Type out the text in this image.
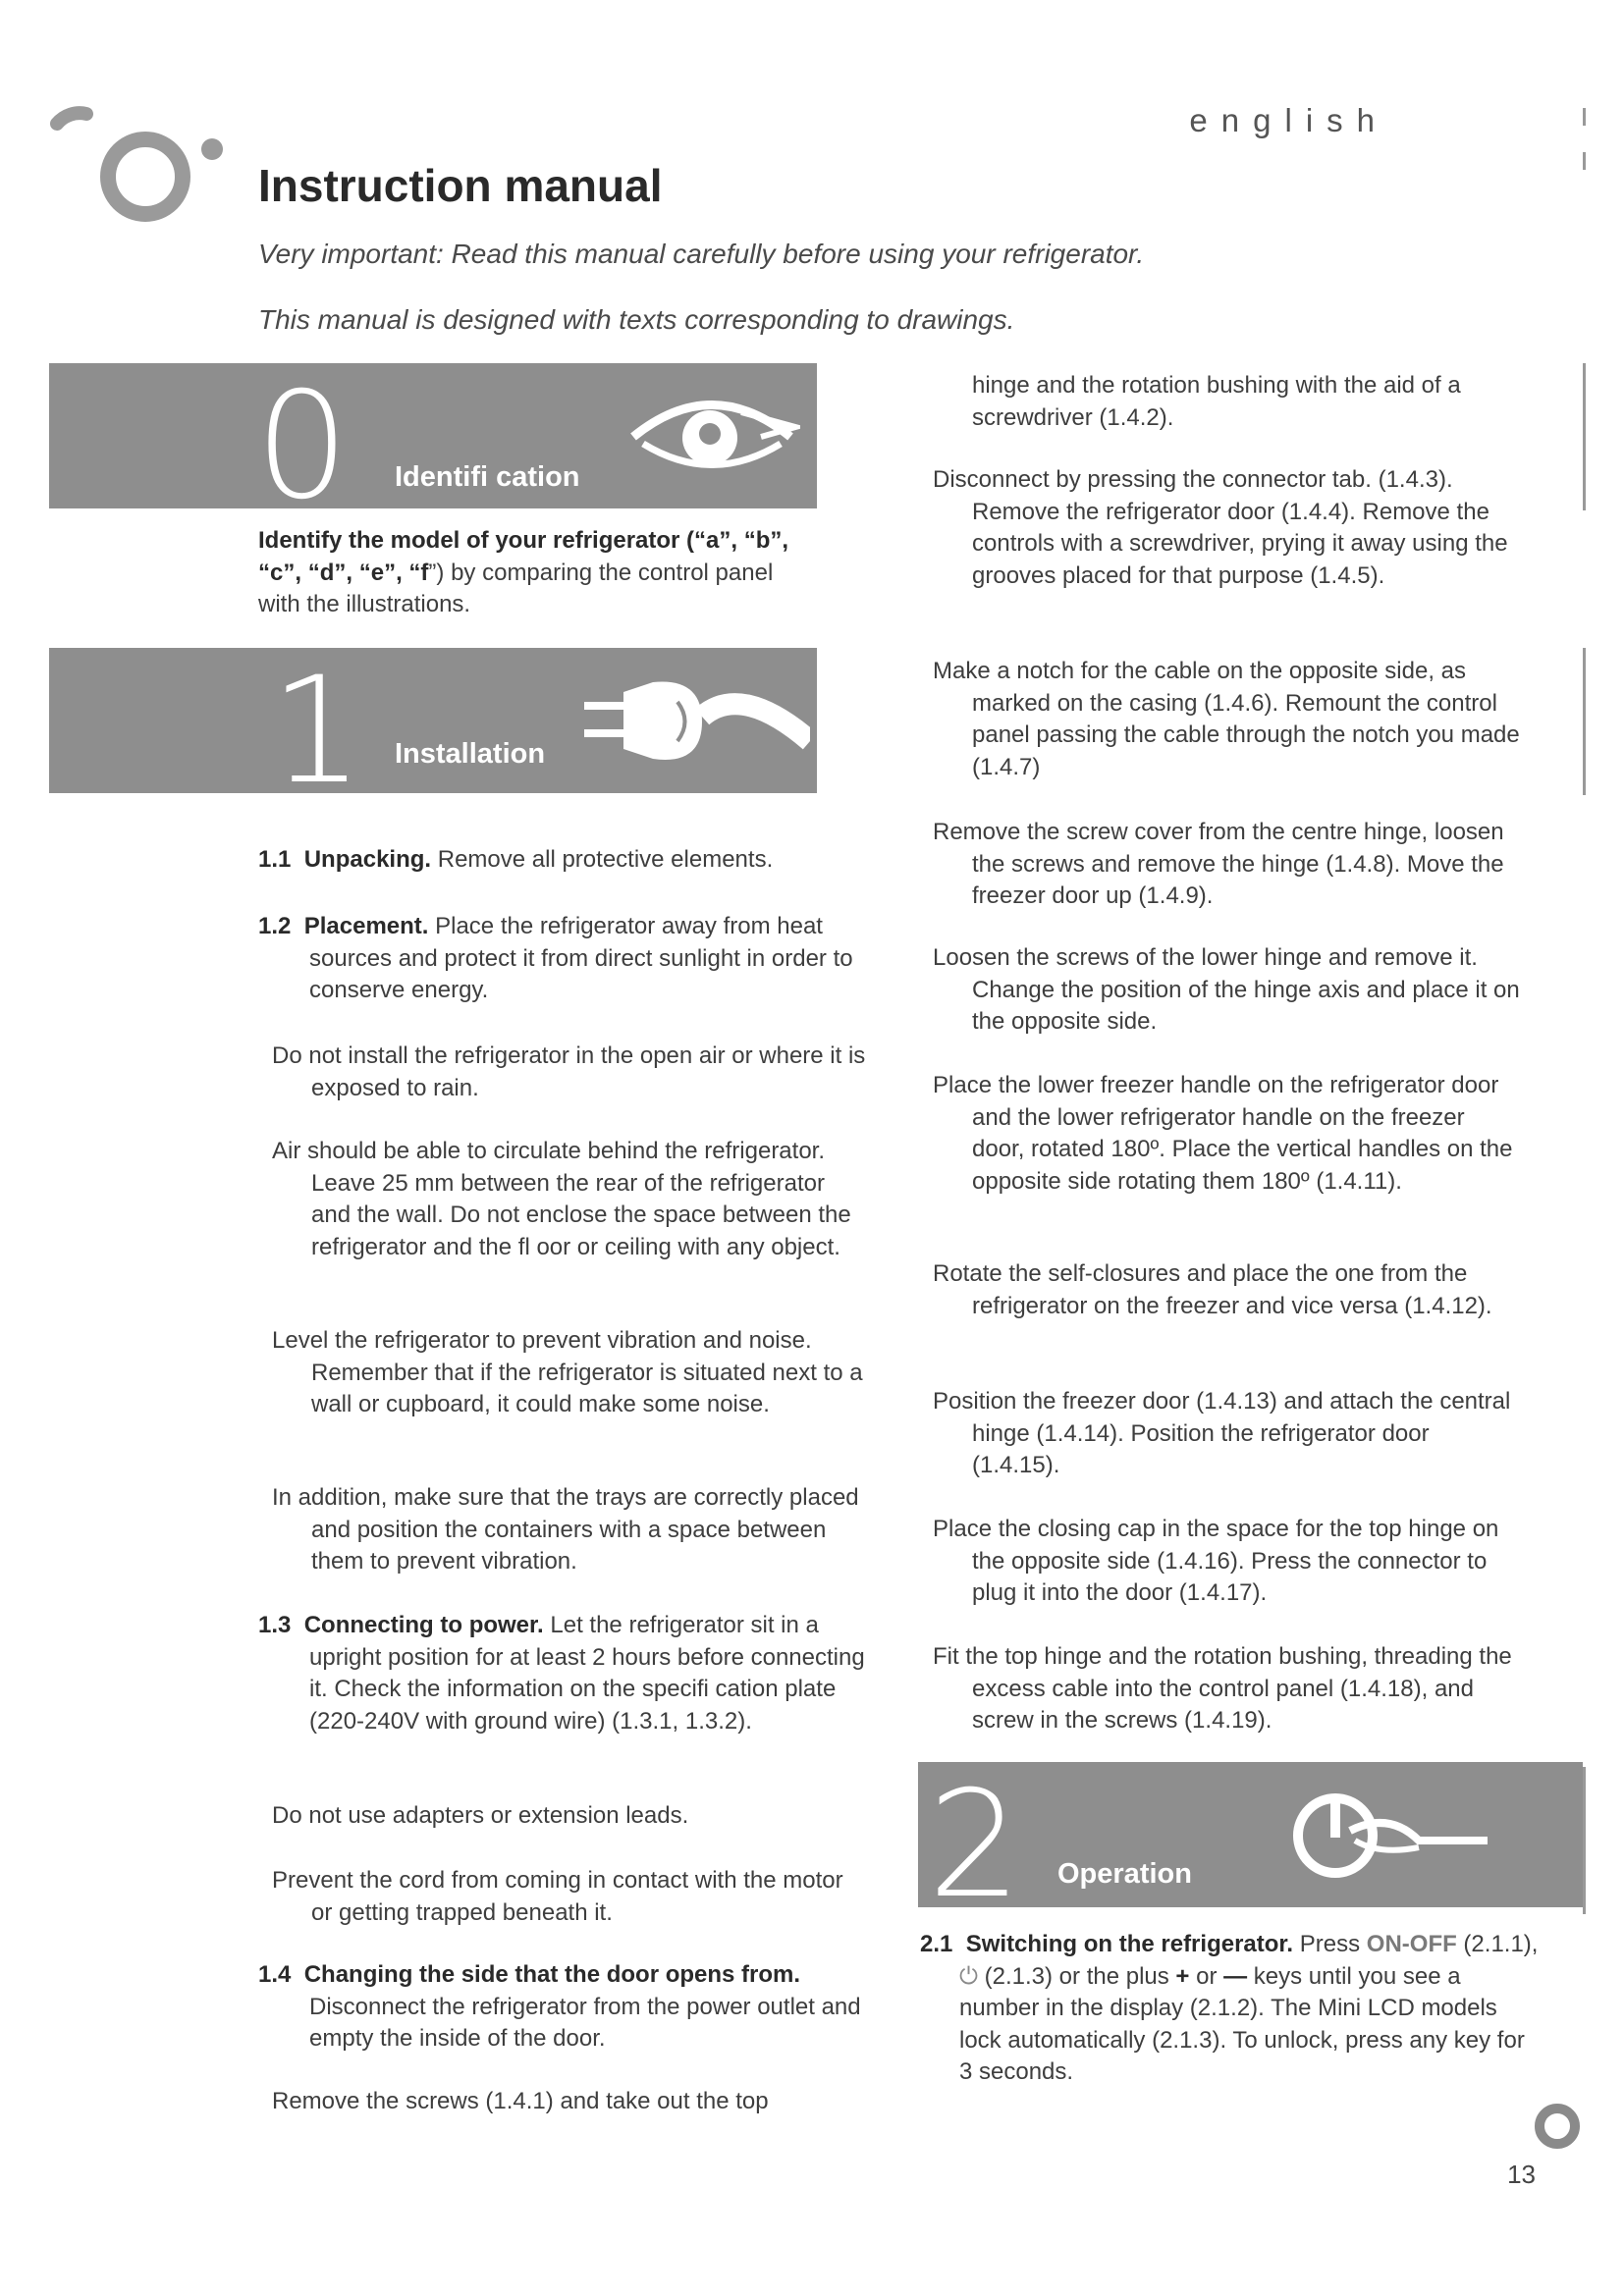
english
Instruction manual
Very important: Read this manual carefully before using your refrigerator.
This manual is designed with texts corresponding to drawings.
0 Identifi cation
Identify the model of your refrigerator (“a”, “b”, “c”, “d”, “e”, “f”) by comparing the control panel with the illustrations.
1 Installation
1.1 Unpacking. Remove all protective elements.
1.2 Placement. Place the refrigerator away from heat sources and protect it from direct sunlight in order to conserve energy.
Do not install the refrigerator in the open air or where it is exposed to rain.
Air should be able to circulate behind the refrigerator. Leave 25 mm between the rear of the refrigerator and the wall. Do not enclose the space between the refrigerator and the fl oor or ceiling with any object.
Level the refrigerator to prevent vibration and noise. Remember that if the refrigerator is situated next to a wall or cupboard, it could make some noise.
In addition, make sure that the trays are correctly placed and position the containers with a space between them to prevent vibration.
1.3 Connecting to power. Let the refrigerator sit in a upright position for at least 2 hours before connecting it. Check the information on the specifi cation plate (220-240V with ground wire) (1.3.1, 1.3.2).
Do not use adapters or extension leads.
Prevent the cord from coming in contact with the motor or getting trapped beneath it.
1.4 Changing the side that the door opens from.
Disconnect the refrigerator from the power outlet and empty the inside of the door.
Remove the screws (1.4.1) and take out the top
hinge and the rotation bushing with the aid of a screwdriver (1.4.2).
Disconnect by pressing the connector tab. (1.4.3). Remove the refrigerator door (1.4.4). Remove the controls with a screwdriver, prying it away using the grooves placed for that purpose (1.4.5).
Make a notch for the cable on the opposite side, as marked on the casing (1.4.6). Remount the control panel passing the cable through the notch you made (1.4.7)
Remove the screw cover from the centre hinge, loosen the screws and remove the hinge (1.4.8). Move the freezer door up (1.4.9).
Loosen the screws of the lower hinge and remove it. Change the position of the hinge axis and place it on the opposite side.
Place the lower freezer handle on the refrigerator door and the lower refrigerator handle on the freezer door, rotated 180º. Place the vertical handles on the opposite side rotating them 180º (1.4.11).
Rotate the self-closures and place the one from the refrigerator on the freezer and vice versa (1.4.12).
Position the freezer door (1.4.13) and attach the central hinge (1.4.14). Position the refrigerator door (1.4.15).
Place the closing cap in the space for the top hinge on the opposite side (1.4.16). Press the connector to plug it into the door (1.4.17).
Fit the top hinge and the rotation bushing, threading the excess cable into the control panel (1.4.18), and screw in the screws (1.4.19).
2 Operation
2.1 Switching on the refrigerator. Press ON-OFF (2.1.1), ⏻ (2.1.3) or the plus + or — keys until you see a number in the display (2.1.2). The Mini LCD models lock automatically (2.1.3). To unlock, press any key for 3 seconds.
13
